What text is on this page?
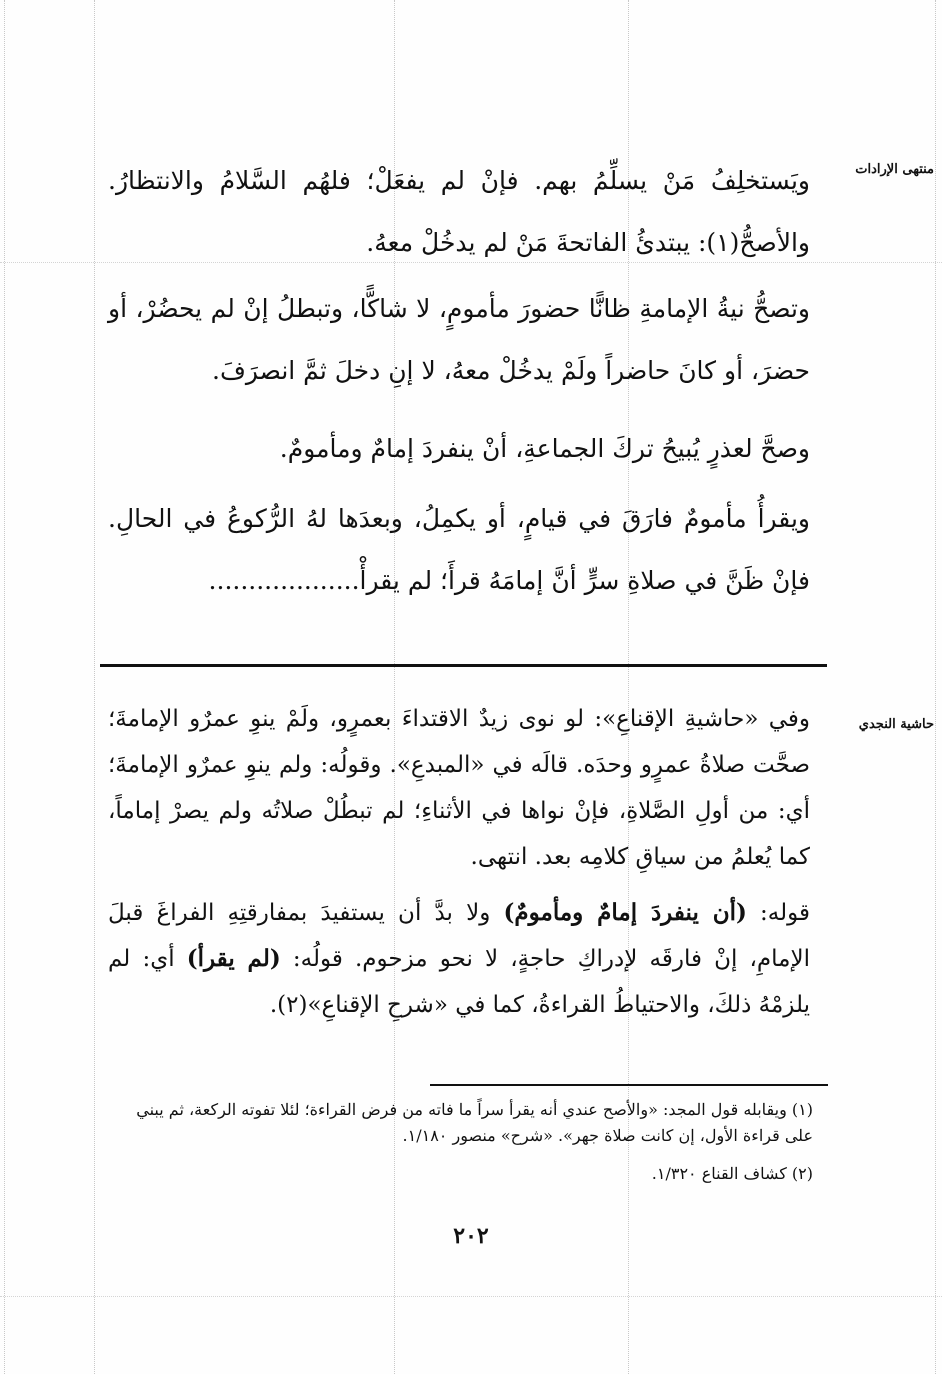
منتهى الإرادات
حاشية النجدي

ويَستخلِفُ مَنْ يسلِّمُ بهم. فإنْ لم يفعَلْ؛ فلهُم السَّلامُ والانتظارُ. والأصحُّ(١): يبتدئُ الفاتحةَ مَنْ لم يدخُلْ معهُ.

وتصحُّ نيةُ الإمامةِ ظانًّا حضورَ مأمومٍ، لا شاكًّا، وتبطلُ إنْ لم يحضُرْ، أو حضرَ، أو كانَ حاضراً ولَمْ يدخُلْ معهُ، لا إنِ دخلَ ثمَّ انصرَفَ.

وصحَّ لعذرٍ يُبيحُ تركَ الجماعةِ، أنْ ينفردَ إمامٌ ومأمومٌ.

ويقرأُ مأمومٌ فارَقَ في قيامٍ، أو يكمِلُ، وبعدَها لهُ الرُّكوعُ في الحالِ. فإنْ ظَنَّ في صلاةِ سرٍّ أنَّ إمامَهُ قرأَ؛ لم يقرأْ...................

وفي «حاشيةِ الإقناعِ»: لو نوى زيدٌ الاقتداءَ بعمرٍو، ولَمْ ينوِ عمرٌو الإمامةَ؛ صحَّت صلاةُ عمرٍو وحدَه. قالَه في «المبدعِ». وقولُه: ولم ينوِ عمرٌو الإمامةَ؛ أي: من أولِ الصَّلاةِ، فإنْ نواها في الأثناءِ؛ لم تبطُلْ صلاتُه ولم يصرْ إماماً، كما يُعلمُ من سياقِ كلامِه بعد. انتهى.

قوله: (أن ينفردَ إمامٌ ومأمومٌ) ولا بدَّ أن يستفيدَ بمفارقتِهِ الفراغَ قبلَ الإمامِ، إنْ فارقَه لإدراكِ حاجةٍ، لا نحو مزحوم. قولُه: (لم يقرأ) أي: لم يلزمْهُ ذلكَ، والاحتياطُ القراءةُ، كما في «شرحِ الإقناعِ»(٢).

(١) ويقابله قول المجد: «والأصح عندي أنه يقرأ سراً ما فاته من فرض القراءة؛ لئلا تفوته الركعة، ثم يبني على قراءة الأول، إن كانت صلاة جهر». «شرح» منصور ١/١٨٠.

(٢) كشاف القناع ١/٣٢٠.

٢٠٢
